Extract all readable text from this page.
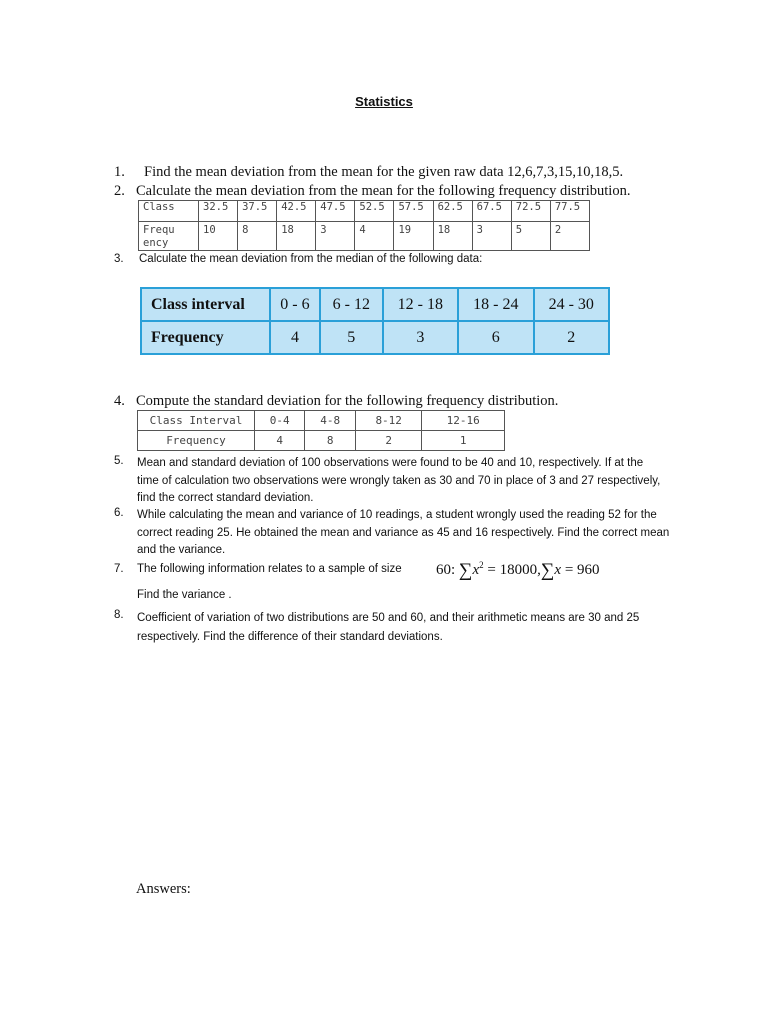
Statistics
1. Find the mean deviation from the mean for the given raw data 12,6,7,3,15,10,18,5.
2. Calculate the mean deviation from the mean for the following frequency distribution.
Class	32.5	37.5	42.5	47.5	52.5	57.5	62.5	67.5	72.5	77.5
Frequ ency	10	8	18	3	4	19	18	3	5	2
3. Calculate the mean deviation from the median of the following data:
Class interval	0 - 6	6 - 12	12 - 18	18 - 24	24 - 30
Frequency	4	5	3	6	2
4. Compute the standard deviation for the following frequency distribution.
Class Interval	0-4	4-8	8-12	12-16
Frequency	4	8	2	1
5. Mean and standard deviation of 100 observations were found to be 40 and 10, respectively. If at the time of calculation two observations were wrongly taken as 30 and 70 in place of 3 and 27 respectively, find the correct standard deviation.
6. While calculating the mean and variance of 10 readings, a student wrongly used the reading 52 for the correct reading 25. He obtained the mean and variance as 45 and 16 respectively. Find the correct mean and the variance.
7. The following information relates to a sample of size 60: $\sum x^2 = 18000,\sum x = 960$
Find the variance .
8. Coefficient of variation of two distributions are 50 and 60, and their arithmetic means are 30 and 25 respectively. Find the difference of their standard deviations.
Answers:
